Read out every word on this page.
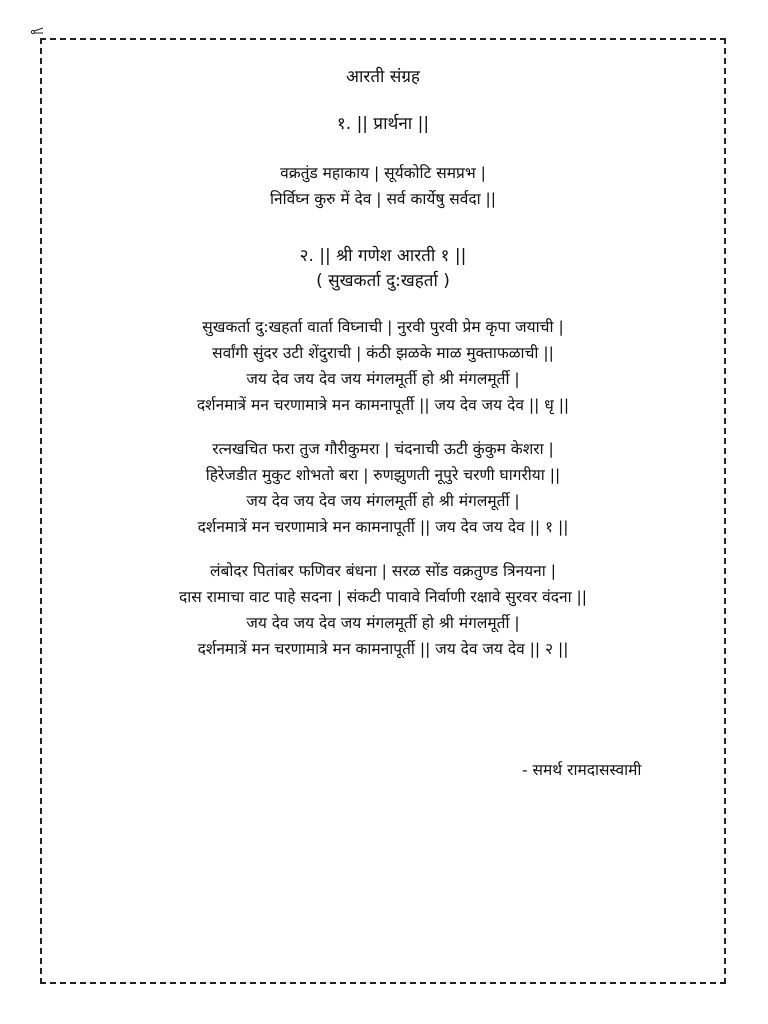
आरती संग्रह
१. || प्रार्थना ||
वक्रतुंड महाकाय | सूर्यकोटि समप्रभ |
निर्विघ्न कुरु में देव | सर्व कार्येषु सर्वदा ||
२. || श्री गणेश आरती १ ||
( सुखकर्ता दु:खहर्ता )
सुखकर्ता दु:खहर्ता वार्ता विघ्नाची | नुरवी पुरवी प्रेम कृपा जयाची |
सर्वांगी सुंदर उटी शेंदुराची | कंठी झळके माळ मुक्ताफळाची ||
जय देव जय देव जय मंगलमूर्ती हो श्री मंगलमूर्ती |
दर्शनमात्रें मन चरणामात्रे मन कामनापूर्ती || जय देव जय देव || धृ ||
रत्नखचित फरा तुज गौरीकुमरा | चंदनाची ऊटी कुंकुम केशरा |
हिरेजडीत मुकुट शोभतो बरा | रुणझुणती नूपुरे चरणी घागरीया ||
जय देव जय देव जय मंगलमूर्ती हो श्री मंगलमूर्ती |
दर्शनमात्रें मन चरणामात्रे मन कामनापूर्ती || जय देव जय देव || १ ||
लंबोदर पितांबर फणिवर बंधना | सरळ सोंड वक्रतुण्ड त्रिनयना |
दास रामाचा वाट पाहे सदना | संकटी पावावे निर्वाणी रक्षावे सुरवर वंदना ||
जय देव जय देव जय मंगलमूर्ती हो श्री मंगलमूर्ती |
दर्शनमात्रें मन चरणामात्रे मन कामनापूर्ती || जय देव जय देव || २ ||
- समर्थ रामदासस्वामी
